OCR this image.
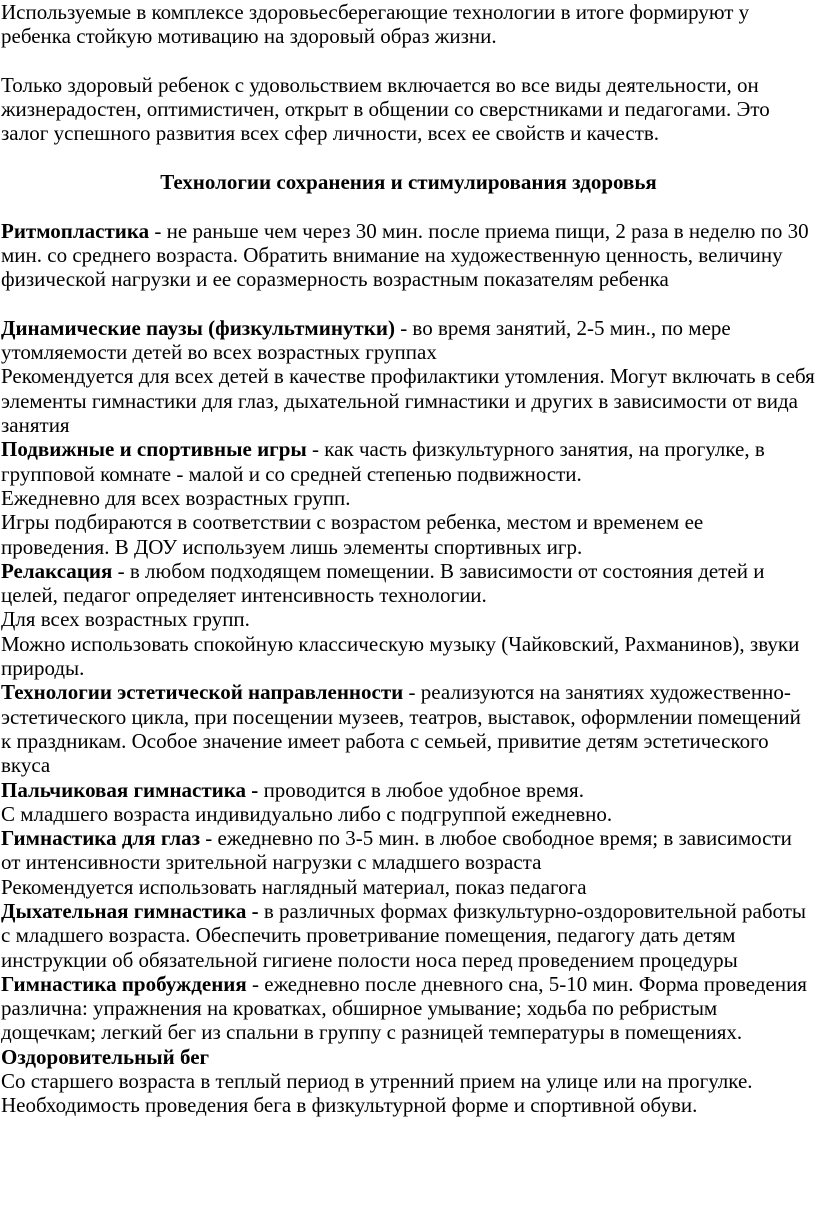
Используемые в комплексе здоровьесберегающие технологии в итоге формируют у ребенка стойкую мотивацию на здоровый образ жизни.

Только здоровый ребенок с удовольствием включается во все виды деятельности, он жизнерадостен, оптимистичен, открыт в общении со сверстниками и педагогами. Это залог успешного развития всех сфер личности, всех ее свойств и качеств.

Технологии сохранения и стимулирования здоровья

Ритмопластика - не раньше чем через 30 мин. после приема пищи, 2 раза в неделю по 30 мин. со среднего возраста. Обратить внимание на художественную ценность, величину физической нагрузки и ее соразмерность возрастным показателям ребенка

Динамические паузы (физкультминутки) - во время занятий, 2-5 мин., по мере утомляемости детей во всех возрастных группах

Рекомендуется для всех детей в качестве профилактики утомления. Могут включать в себя элементы гимнастики для глаз, дыхательной гимнастики и других в зависимости от вида занятия

Подвижные и спортивные игры - как часть физкультурного занятия, на прогулке, в групповой комнате - малой и со средней степенью подвижности.

Ежедневно для всех возрастных групп.

Игры подбираются в соответствии с возрастом ребенка, местом и временем ее проведения. В ДОУ используем лишь элементы спортивных игр.

Релаксация - в любом подходящем помещении. В зависимости от состояния детей и целей, педагог определяет интенсивность технологии.

Для всех возрастных групп.

Можно использовать спокойную классическую музыку (Чайковский, Рахманинов), звуки природы.

Технологии эстетической направленности - реализуются на занятиях художественно-эстетического цикла, при посещении музеев, театров, выставок, оформлении помещений к праздникам. Особое значение имеет работа с семьей, привитие детям эстетического вкуса

Пальчиковая гимнастика - проводится в любое удобное время.

С младшего возраста индивидуально либо с подгруппой ежедневно.

Гимнастика для глаз - ежедневно по 3-5 мин. в любое свободное время; в зависимости от интенсивности зрительной нагрузки с младшего возраста

Рекомендуется использовать наглядный материал, показ педагога

Дыхательная гимнастика - в различных формах физкультурно-оздоровительной работы с младшего возраста. Обеспечить проветривание помещения, педагогу дать детям инструкции об обязательной гигиене полости носа перед проведением процедуры

Гимнастика пробуждения - ежедневно после дневного сна, 5-10 мин. Форма проведения различна: упражнения на кроватках, обширное умывание; ходьба по ребристым дощечкам; легкий бег из спальни в группу с разницей температуры в помещениях.

Оздоровительный бег

Со старшего возраста в теплый период в утренний прием на улице или на прогулке. Необходимость проведения бега в физкультурной форме и спортивной обуви.
